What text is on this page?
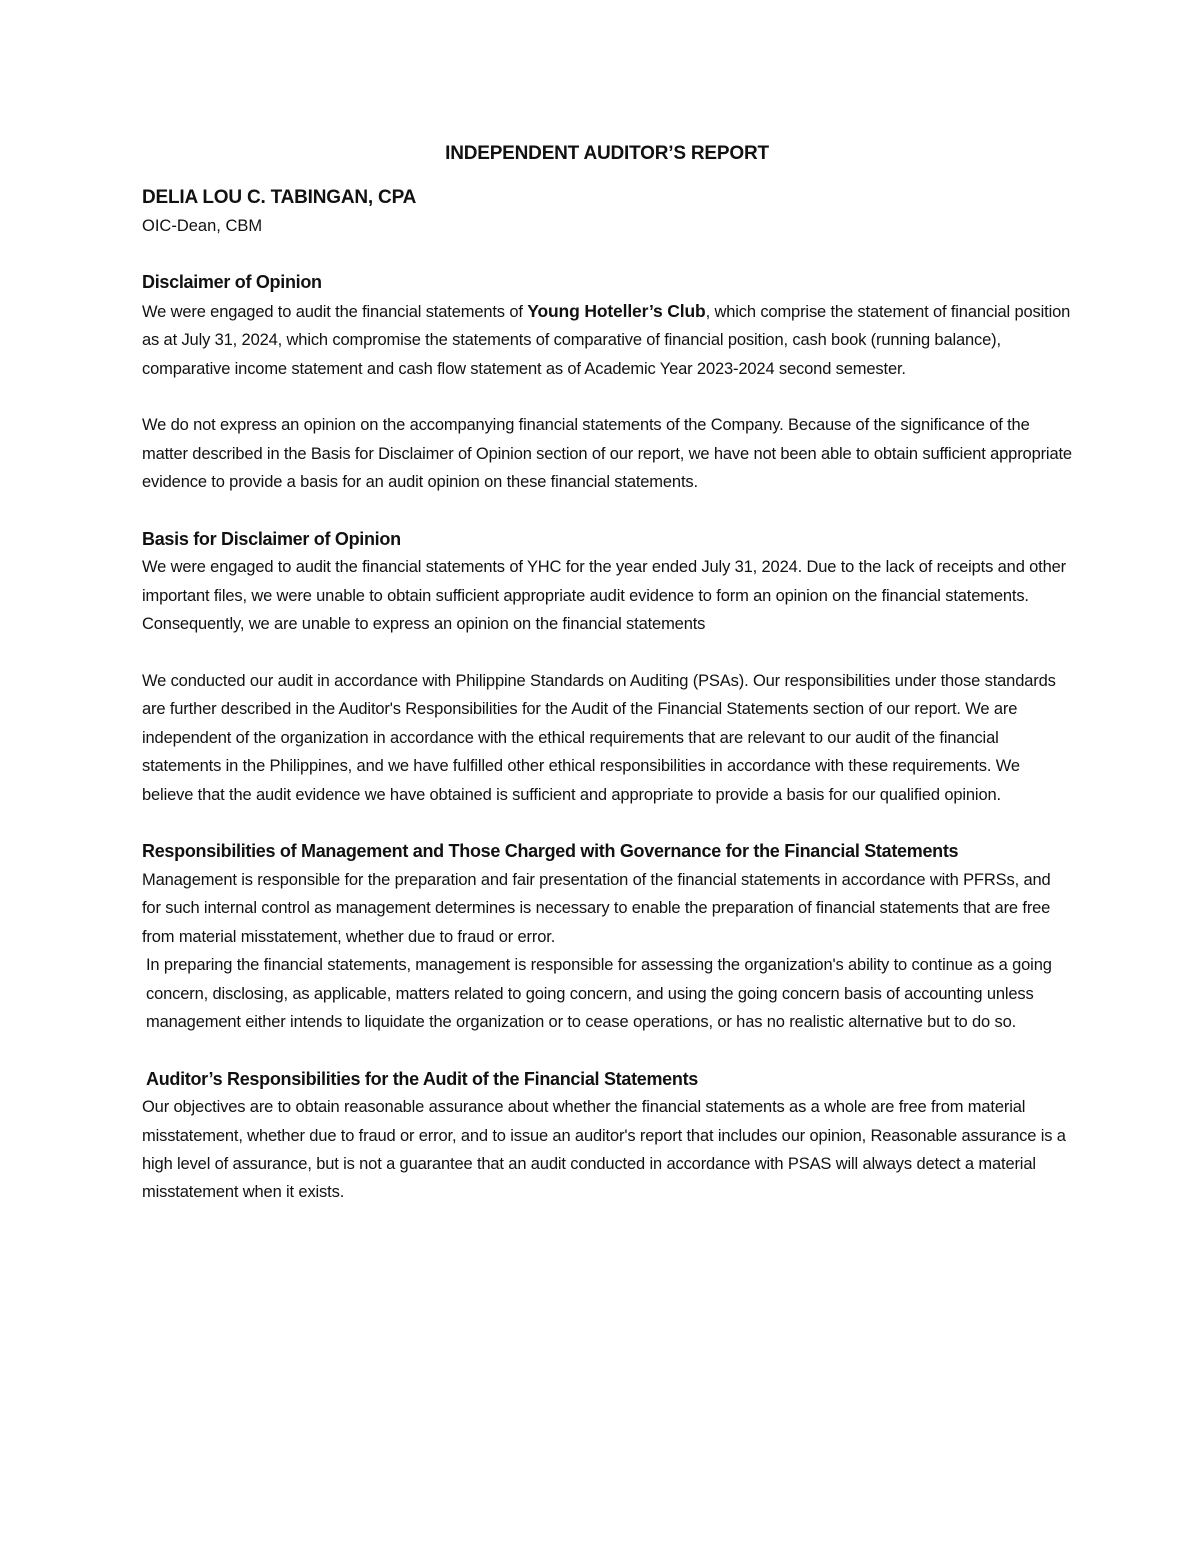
INDEPENDENT AUDITOR’S REPORT

DELIA LOU C. TABINGAN, CPA

OIC-Dean, CBM

Disclaimer of Opinion

We were engaged to audit the financial statements of Young Hoteller’s Club, which comprise the statement of financial position as at July 31, 2024, which compromise the statements of comparative of financial position, cash book (running balance), comparative income statement and cash flow statement as of Academic Year 2023-2024 second semester.

We do not express an opinion on the accompanying financial statements of the Company. Because of the significance of the matter described in the Basis for Disclaimer of Opinion section of our report, we have not been able to obtain sufficient appropriate evidence to provide a basis for an audit opinion on these financial statements.

Basis for Disclaimer of Opinion

We were engaged to audit the financial statements of YHC for the year ended July 31, 2024. Due to the lack of receipts and other important files, we were unable to obtain sufficient appropriate audit evidence to form an opinion on the financial statements. Consequently, we are unable to express an opinion on the financial statements

We conducted our audit in accordance with Philippine Standards on Auditing (PSAs). Our responsibilities under those standards are further described in the Auditor's Responsibilities for the Audit of the Financial Statements section of our report. We are independent of the organization in accordance with the ethical requirements that are relevant to our audit of the financial statements in the Philippines, and we have fulfilled other ethical responsibilities in accordance with these requirements. We believe that the audit evidence we have obtained is sufficient and appropriate to provide a basis for our qualified opinion.

Responsibilities of Management and Those Charged with Governance for the Financial Statements

Management is responsible for the preparation and fair presentation of the financial statements in accordance with PFRSs, and for such internal control as management determines is necessary to enable the preparation of financial statements that are free from material misstatement, whether due to fraud or error.

In preparing the financial statements, management is responsible for assessing the organization's ability to continue as a going concern, disclosing, as applicable, matters related to going concern, and using the going concern basis of accounting unless management either intends to liquidate the organization or to cease operations, or has no realistic alternative but to do so.

Auditor’s Responsibilities for the Audit of the Financial Statements

Our objectives are to obtain reasonable assurance about whether the financial statements as a whole are free from material misstatement, whether due to fraud or error, and to issue an auditor's report that includes our opinion, Reasonable assurance is a high level of assurance, but is not a guarantee that an audit conducted in accordance with PSAS will always detect a material misstatement when it exists.
